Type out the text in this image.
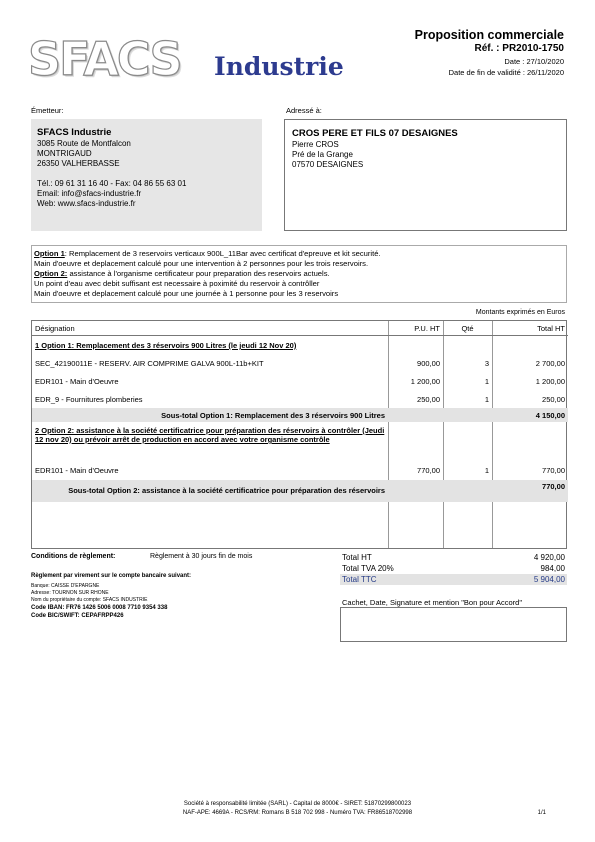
SFACS Industrie
Proposition commerciale
Réf. : PR2010-1750
Date : 27/10/2020
Date de fin de validité : 26/11/2020
Émetteur:	Adressé à:
SFACS Industrie
3085 Route de Montfalcon
MONTRIGAUD
26350 VALHERBASSE
Tél.: 09 61 31 16 40 - Fax: 04 86 55 63 01
Email: info@sfacs-industrie.fr
Web: www.sfacs-industrie.fr
CROS PERE ET FILS 07 DESAIGNES
Pierre CROS
Pré de la Grange
07570 DESAIGNES
Option 1: Remplacement de 3 reservoirs verticaux 900L_11Bar avec certificat d'epreuve et kit securité.
Main d'oeuvre et deplacement calculé pour une intervention à 2 personnes pour les trois reservoirs.
Option 2: assistance à l'organisme certificateur pour preparation des reservoirs actuels.
Un point d'eau avec debit suffisant est necessaire à poximité du reservoir à contrôller
Main d'oeuvre et deplacement calculé pour une journée à 1 personne pour les 3 reservoirs
Montants exprimés en Euros
Désignation	P.U. HT	Qté	Total HT
1 Option 1: Remplacement des 3 réservoirs 900 Litres (le jeudi 12 Nov 20)
SEC_42190011E - RESERV. AIR COMPRIME GALVA 900L-11b+KIT	900,00	3	2 700,00
EDR101 - Main d'Oeuvre	1 200,00	1	1 200,00
EDR_9 - Fournitures plomberies	250,00	1	250,00
Sous-total Option 1: Remplacement des 3 réservoirs 900 Litres	4 150,00
2 Option 2: assistance à la société certificatrice pour préparation des réservoirs à contrôler (Jeudi 12 nov 20) ou prévoir arrêt de production en accord avec votre organisme contrôle
EDR101 - Main d'Oeuvre	770,00	1	770,00
Sous-total Option 2: assistance à la société certificatrice pour préparation des réservoirs	770,00
Conditions de règlement:	Règlement à 30 jours fin de mois
Règlement par virement sur le compte bancaire suivant:
Banque: CAISSE D'EPARGNE
Adresse: TOURNON SUR RHONE
Nom du propriétaire du compte: SFACS INDUSTRIE
Code IBAN: FR76 1426 5006 0008 7710 9354 338
Code BIC/SWIFT: CEPAFRPP426
Total HT	4 920,00
Total TVA 20%	984,00
Total TTC	5 904,00
Cachet, Date, Signature et mention "Bon pour Accord"
Société à responsabilité limitée (SARL) - Capital de 8000€ - SIRET: 51870299800023
NAF-APE: 4669A - RCS/RM: Romans B 518 702 998 - Numéro TVA: FR86518702998	1/1
